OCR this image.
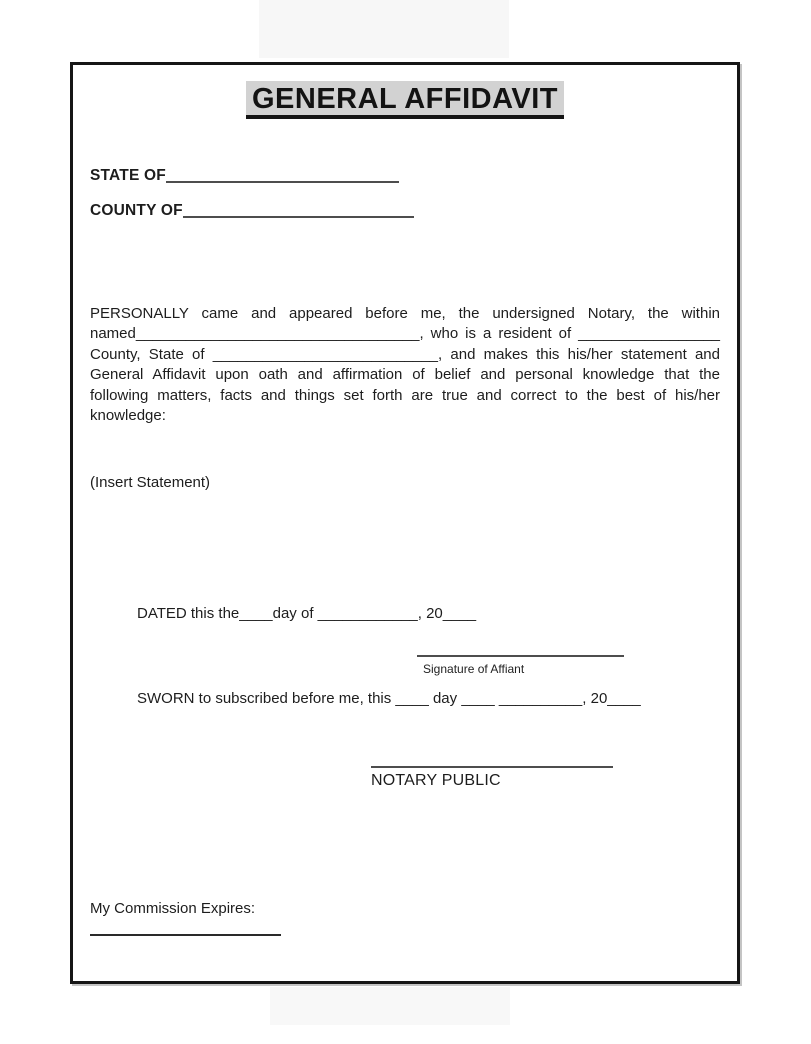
GENERAL AFFIDAVIT
STATE OF
COUNTY OF
PERSONALLY came and appeared before me, the undersigned Notary, the within
named__________________________________, who is a resident of _________________
County, State of ___________________________, and makes this his/her statement and
General Affidavit upon oath and affirmation of belief and personal knowledge that the
following matters, facts and things set forth are true and correct to the best of his/her
knowledge:
(Insert Statement)
DATED this the____day of ____________, 20____
Signature of Affiant
SWORN to subscribed before me, this ____ day ____ __________, 20____
NOTARY PUBLIC
My Commission Expires:
